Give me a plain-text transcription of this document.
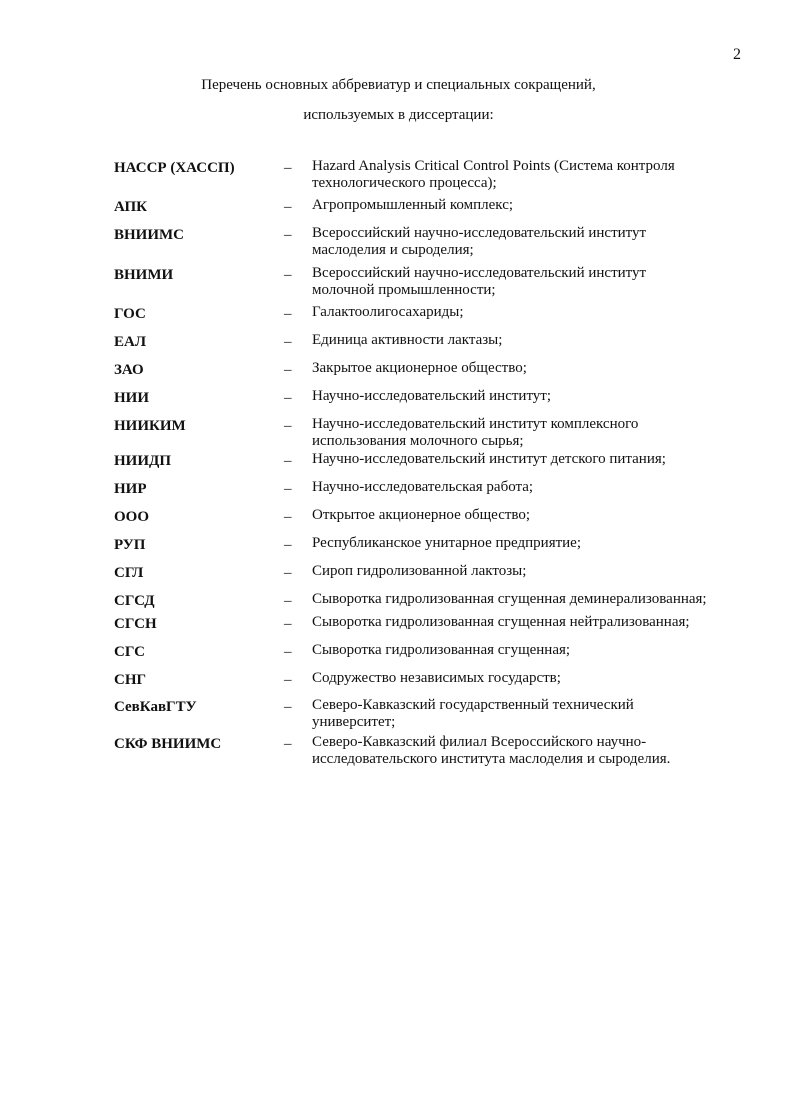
2
Перечень основных аббревиатур и специальных сокращений,
используемых в диссертации:
НАССР (ХАССП)	–	Hazard Analysis Critical Control Points (Система контроля
технологического процесса);
АПК	–	Агропромышленный комплекс;
ВНИИМС	–	Всероссийский научно-исследовательский институт
маслоделия и сыроделия;
ВНИМИ	–	Всероссийский научно-исследовательский институт
молочной промышленности;
ГОС	–	Галактоолигосахариды;
ЕАЛ	–	Единица активности лактазы;
ЗАО	–	Закрытое акционерное общество;
НИИ	–	Научно-исследовательский институт;
НИИКИМ	–	Научно-исследовательский институт комплексного
использования молочного сырья;
НИИДП	–	Научно-исследовательский институт детского питания;
НИР	–	Научно-исследовательская работа;
ООО	–	Открытое акционерное общество;
РУП	–	Республиканское унитарное предприятие;
СГЛ	–	Сироп гидролизованной лактозы;
СГСД	–	Сыворотка гидролизованная сгущенная деминерализованная;
СГСН	–	Сыворотка гидролизованная сгущенная нейтрализованная;
СГС	–	Сыворотка гидролизованная сгущенная;
СНГ	–	Содружество независимых государств;
СевКавГТУ	–	Северо-Кавказский государственный технический
университет;
СКФ ВНИИМС	–	Северо-Кавказский филиал Всероссийского научно-
исследовательского института маслоделия и сыроделия.
